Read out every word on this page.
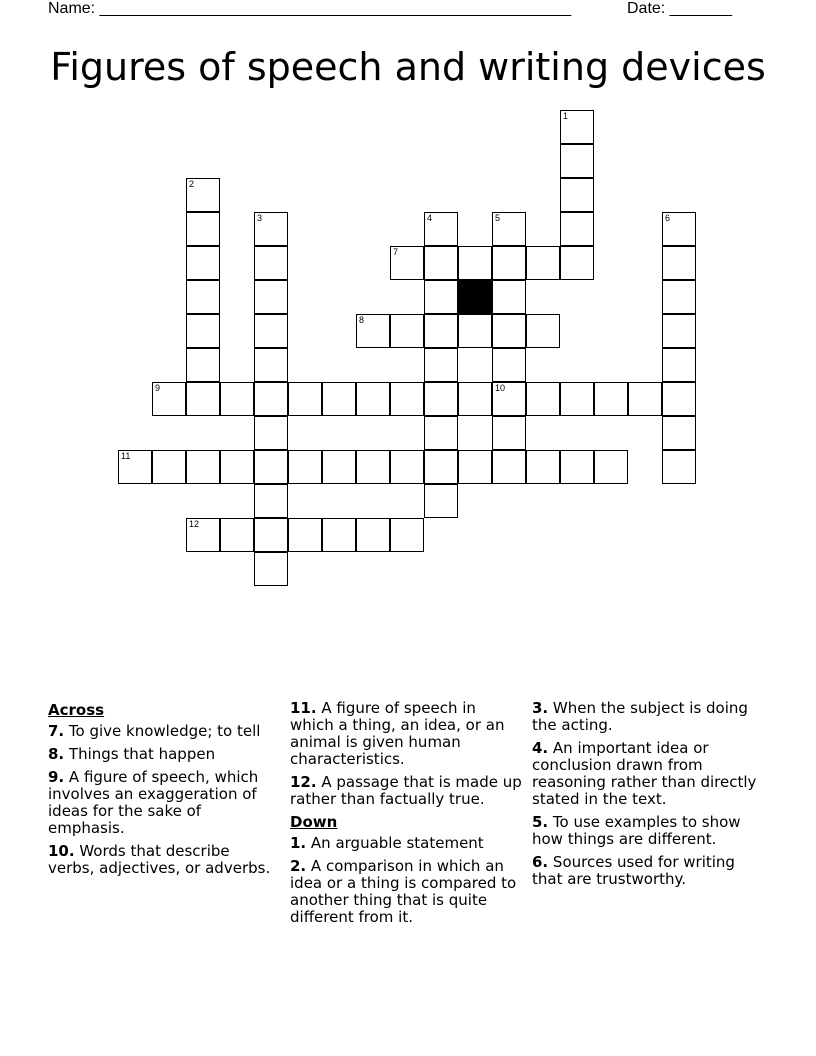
Name: _____________________________________________________	Date: _______
Figures of speech and writing devices
1
2
3	4	5
10
6
7
8
9
11
12
Across
7. To give knowledge; to tell
8. Things that happen
9. A figure of speech, which involves an exaggeration of ideas for the sake of emphasis.
10. Words that describe verbs, adjectives, or adverbs.
11. A figure of speech in which a thing, an idea, or an animal is given human characteristics.
12. A passage that is made up rather than factually true.
Down
1. An arguable statement
2. A comparison in which an idea or a thing is compared to another thing that is quite different from it.
3. When the subject is doing the acting.
4. An important idea or conclusion drawn from reasoning rather than directly stated in the text.
5. To use examples to show how things are different.
6. Sources used for writing that are trustworthy.
